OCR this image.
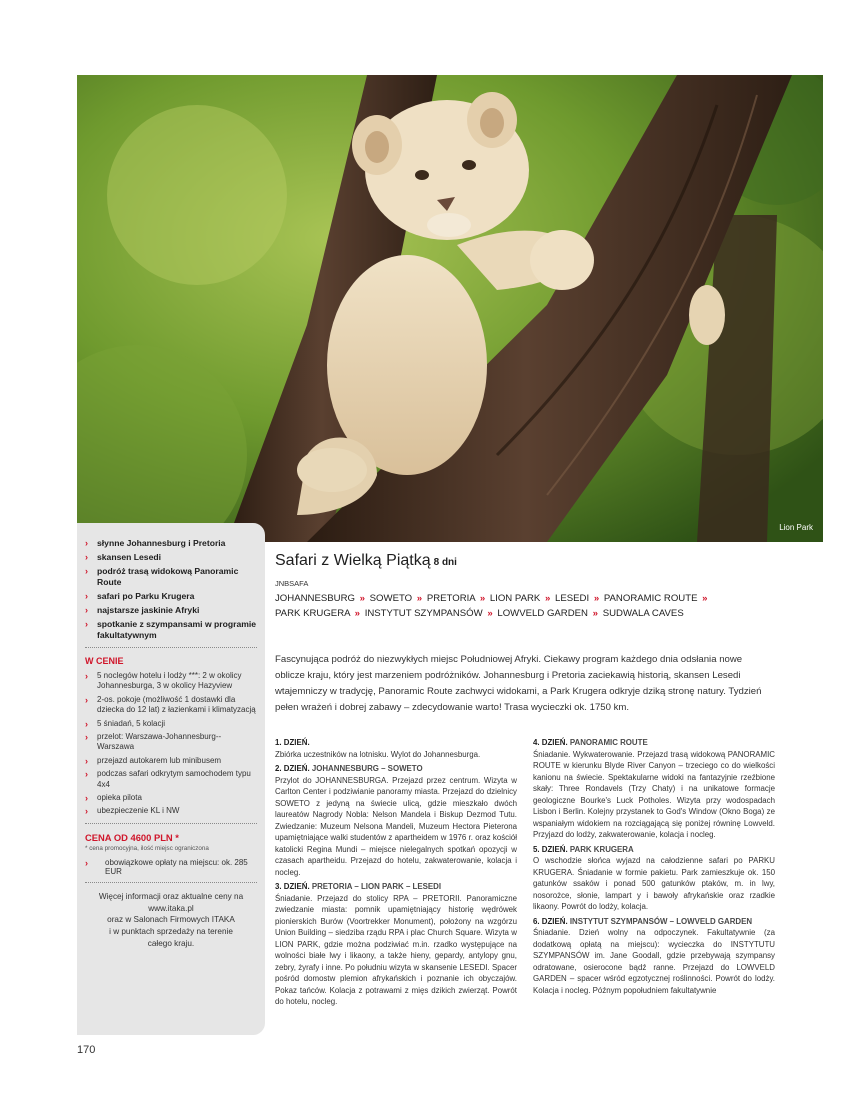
Lion Park
› słynne Johannesburg i Pretoria
› skansen Lesedi
› podróż trasą widokową Panoramic Route
› safari po Parku Krugera
› najstarsze jaskinie Afryki
› spotkanie z szympansami w programie fakultatywnym
W CENIE
› 5 noclegów hotelu i lodży ***: 2 w okolicy Johannesburga, 3 w okolicy Hazyview
› 2-os. pokoje (możliwość 1 dostawki dla dziecka do 12 lat) z łazienkami i klimatyzacją
› 5 śniadań, 5 kolacji
› przelot: Warszawa-Johannesburg--Warszawa
› przejazd autokarem lub minibusem
› podczas safari odkrytym samochodem typu 4x4
› opieka pilota
› ubezpieczenie KL i NW
CENA OD 4600 PLN *
* cena promocyjna, ilość miejsc ograniczona
› obowiązkowe opłaty na miejscu: ok. 285 EUR
Więcej informacji oraz aktualne ceny na
www.itaka.pl
oraz w Salonach Firmowych ITAKA
i w punktach sprzedaży na terenie
całego kraju.
170
Safari z Wielką Piątką 8 dni
JNBSAFA
JOHANNESBURG » SOWETO » PRETORIA » LION PARK » LESEDI » PANORAMIC ROUTE » PARK KRUGERA » INSTYTUT SZYMPANSÓW » LOWVELD GARDEN » SUDWALA CAVES

Fascynująca podróż do niezwykłych miejsc Południowej Afryki. Ciekawy program każdego dnia odsłania nowe oblicze kraju, który jest marzeniem podróżników. Johannesburg i Pretoria zaciekawią historią, skansen Lesedi wtajemniczy w tradycję, Panoramic Route zachwyci widokami, a Park Krugera odkryje dziką stronę natury. Tydzień pełen wrażeń i dobrej zabawy – zdecydowanie warto! Trasa wycieczki ok. 1750 km.

1. DZIEŃ.

Zbiórka uczestników na lotnisku. Wylot do Johannesburga.

2. DZIEŃ. JOHANNESBURG – SOWETO

Przylot do JOHANNESBURGA. Przejazd przez centrum. Wizyta w Carlton Center i podziwianie panoramy miasta. Przejazd do dzielnicy SOWETO z jedyną na świecie ulicą, gdzie mieszkało dwóch laureatów Nagrody Nobla: Nelson Mandela i Biskup Dezmod Tutu. Zwiedzanie: Muzeum Nelsona Mandeli, Muzeum Hectora Pieterona upamiętniające walki studentów z apartheidem w 1976 r. oraz kościół katolicki Regina Mundi – miejsce nielegalnych spotkań opozycji w czasach apartheidu. Przejazd do hotelu, zakwaterowanie, kolacja i nocleg.

3. DZIEŃ. PRETORIA – LION PARK – LESEDI

Śniadanie. Przejazd do stolicy RPA – PRETORII. Panoramiczne zwiedzanie miasta: pomnik upamiętniający historię wędrówek pionierskich Burów (Voortrekker Monument), położony na wzgórzu Union Building – siedziba rządu RPA i plac Church Square. Wizyta w LION PARK, gdzie można podziwiać m.in. rzadko występujące na wolności białe lwy i likaony, a także hieny, gepardy, antylopy gnu, zebry, żyrafy i inne. Po południu wizyta w skansenie LESEDI. Spacer pośród domostw plemion afrykańskich i poznanie ich obyczajów. Pokaz tańców. Kolacja z potrawami z mięs dzikich zwierząt. Powrót do hotelu, nocleg.

4. DZIEŃ. PANORAMIC ROUTE

Śniadanie. Wykwaterowanie. Przejazd trasą widokową PANORAMIC ROUTE w kierunku Blyde River Canyon – trzeciego co do wielkości kanionu na świecie. Spektakularne widoki na fantazyjnie rzeźbione skały: Three Rondavels (Trzy Chaty) i na unikatowe formacje geologiczne Bourke's Luck Potholes. Wizyta przy wodospadach Lisbon i Berlin. Kolejny przystanek to God's Window (Okno Boga) ze wspaniałym widokiem na rozciągającą się poniżej równinę Lowveld. Przyjazd do lodży, zakwaterowanie, kolacja i nocleg.

5. DZIEŃ. PARK KRUGERA

O wschodzie słońca wyjazd na całodzienne safari po PARKU KRUGERA. Śniadanie w formie pakietu. Park zamieszkuje ok. 150 gatunków ssaków i ponad 500 gatunków ptaków, m. in lwy, nosorożce, słonie, lampart y i bawoły afrykańskie oraz rzadkie likaony. Powrót do lodży, kolacja.

6. DZIEŃ. INSTYTUT SZYMPANSÓW – LOWVELD GARDEN

Śniadanie. Dzień wolny na odpoczynek. Fakultatywnie (za dodatkową opłatą na miejscu): wycieczka do INSTYTUTU SZYMPANSÓW im. Jane Goodall, gdzie przebywają szympansy odratowane, osierocone bądź ranne. Przejazd do LOWVELD GARDEN – spacer wśród egzotycznej roślinności. Powrót do lodży. Kolacja i nocleg. Późnym popołudniem fakultatywnie
